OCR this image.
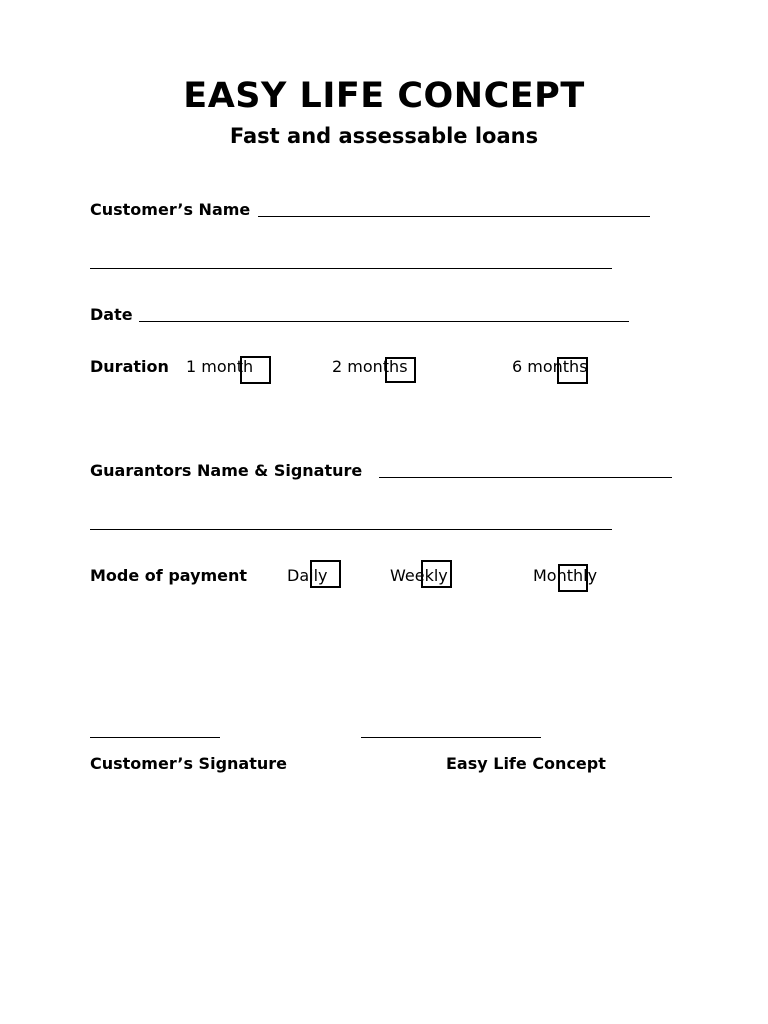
EASY LIFE CONCEPT
Fast and assessable loans
Customer’s Name
Date
Duration 1 month	2 months	6 months
Guarantors Name & Signature
Mode of payment Daily	Weekly	Monthly
Customer’s Signature	Easy Life Concept
